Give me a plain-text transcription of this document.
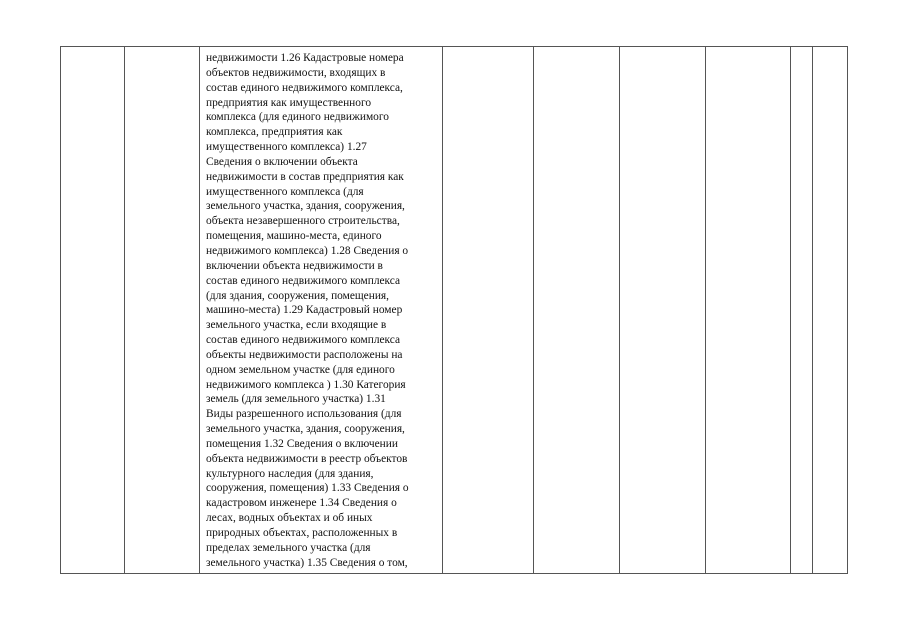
недвижимости 1.26 Кадастровые номера
объектов недвижимости, входящих в
состав единого недвижимого комплекса,
предприятия как имущественного
комплекса (для единого недвижимого
комплекса, предприятия как
имущественного комплекса) 1.27
Сведения о включении объекта
недвижимости в состав предприятия как
имущественного комплекса (для
земельного участка, здания, сооружения,
объекта незавершенного строительства,
помещения, машино-места, единого
недвижимого комплекса) 1.28 Сведения о
включении объекта недвижимости в
состав единого недвижимого комплекса
(для здания, сооружения, помещения,
машино-места) 1.29 Кадастровый номер
земельного участка, если входящие в
состав единого недвижимого комплекса
объекты недвижимости расположены на
одном земельном участке (для единого
недвижимого комплекса ) 1.30 Категория
земель (для земельного участка) 1.31
Виды разрешенного использования (для
земельного участка, здания, сооружения,
помещения 1.32 Сведения о включении
объекта недвижимости в реестр объектов
культурного наследия (для здания,
сооружения, помещения) 1.33 Сведения о
кадастровом инженере 1.34 Сведения о
лесах, водных объектах и об иных
природных объектах, расположенных в
пределах земельного участка (для
земельного участка) 1.35 Сведения о том,
